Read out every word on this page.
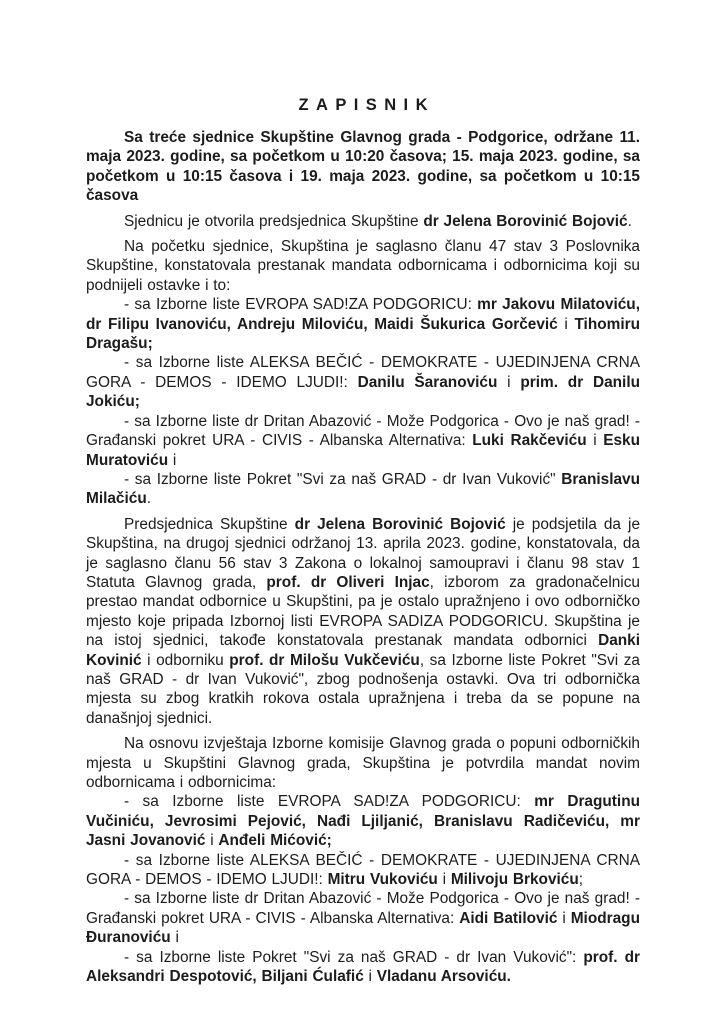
ZAPISNIK

Sa treće sjednice Skupštine Glavnog grada - Podgorice, održane 11. maja 2023. godine, sa početkom u 10:20 časova; 15. maja 2023. godine, sa početkom u 10:15 časova i 19. maja 2023. godine, sa početkom u 10:15 časova

Sjednicu je otvorila predsjednica Skupštine dr Jelena Borovinić Bojović.

Na početku sjednice, Skupština je saglasno članu 47 stav 3 Poslovnika Skupštine, konstatovala prestanak mandata odbornicama i odbornicima koji su podnijeli ostavke i to:

- sa Izborne liste EVROPA SAD!ZA PODGORICU: mr Jakovu Milatoviću, dr Filipu Ivanoviću, Andreju Miloviću, Maidi Šukurica Gorčević i Tihomiru Dragašu;

- sa Izborne liste ALEKSA BEČIĆ - DEMOKRATE - UJEDINJENA CRNA GORA - DEMOS - IDEMO LJUDI!: Danilu Šaranoviću i prim. dr Danilu Jokiću;

- sa Izborne liste dr Dritan Abazović - Može Podgorica - Ovo je naš grad! - Građanski pokret URA - CIVIS - Albanska Alternativa: Luki Rakčeviću i Esku Muratoviću i

- sa Izborne liste Pokret "Svi za naš GRAD - dr Ivan Vuković" Branislavu Milačiću.

Predsjednica Skupštine dr Jelena Borovinić Bojović je podsjetila da je Skupština, na drugoj sjednici održanoj 13. aprila 2023. godine, konstatovala, da je saglasno članu 56 stav 3 Zakona o lokalnoj samoupravi i članu 98 stav 1 Statuta Glavnog grada, prof. dr Oliveri Injac, izborom za gradonačelnicu prestao mandat odbornice u Skupštini, pa je ostalo upražnjeno i ovo odborničko mjesto koje pripada Izbornoj listi EVROPA SADIZA PODGORICU. Skupština je na istoj sjednici, takođe konstatovala prestanak mandata odbornici Danki Kovinić i odborniku prof. dr Milošu Vukčeviću, sa Izborne liste Pokret "Svi za naš GRAD - dr Ivan Vuković", zbog podnošenja ostavki. Ova tri odbornička mjesta su zbog kratkih rokova ostala upražnjena i treba da se popune na današnjoj sjednici.

Na osnovu izvještaja Izborne komisije Glavnog grada o popuni odborničkih mjesta u Skupštini Glavnog grada, Skupština je potvrdila mandat novim odbornicama i odbornicima:

- sa Izborne liste EVROPA SAD!ZA PODGORICU: mr Dragutinu Vučiniću, Jevrosimi Pejović, Nađi Ljiljanić, Branislavu Radičeviću, mr Jasni Jovanović i Anđeli Mićović;

- sa Izborne liste ALEKSA BEČIĆ - DEMOKRATE - UJEDINJENA CRNA GORA - DEMOS - IDEMO LJUDI!: Mitru Vukoviću i Milivoju Brkoviću;

- sa Izborne liste dr Dritan Abazović - Može Podgorica - Ovo je naš grad! - Građanski pokret URA - CIVIS - Albanska Alternativa: Aidi Batilović i Miodragu Đuranoviću i

- sa Izborne liste Pokret "Svi za naš GRAD - dr Ivan Vuković": prof. dr Aleksandri Despotović, Biljani Ćulafić i Vladanu Arsoviću.
